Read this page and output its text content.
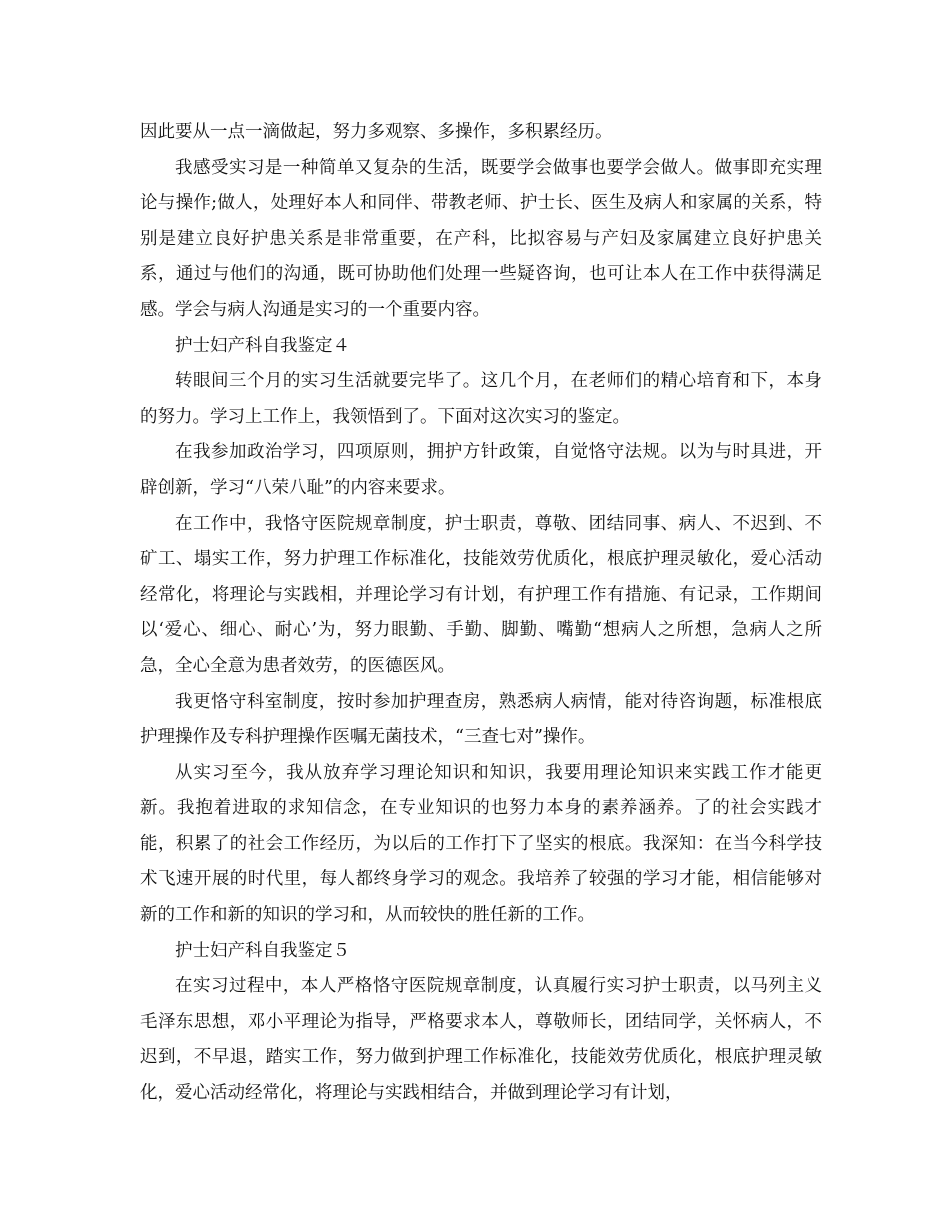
因此要从一点一滴做起，努力多观察、多操作，多积累经历。

我感受实习是一种简单又复杂的生活，既要学会做事也要学会做人。做事即充实理论与操作;做人，处理好本人和同伴、带教老师、护士长、医生及病人和家属的关系，特别是建立良好护患关系是非常重要，在产科，比拟容易与产妇及家属建立良好护患关系，通过与他们的沟通，既可协助他们处理一些疑咨询，也可让本人在工作中获得满足感。学会与病人沟通是实习的一个重要内容。

护士妇产科自我鉴定４

转眼间三个月的实习生活就要完毕了。这几个月，在老师们的精心培育和下，本身的努力。学习上工作上，我领悟到了。下面对这次实习的鉴定。

在我参加政治学习，四项原则，拥护方针政策，自觉恪守法规。以为与时具进，开辟创新，学习“八荣八耻”的内容来要求。

在工作中，我恪守医院规章制度，护士职责，尊敬、团结同事、病人、不迟到、不矿工、塌实工作，努力护理工作标准化，技能效劳优质化，根底护理灵敏化，爱心活动经常化，将理论与实践相，并理论学习有计划，有护理工作有措施、有记录，工作期间以‘爱心、细心、耐心’为，努力眼勤、手勤、脚勤、嘴勤“想病人之所想，急病人之所急，全心全意为患者效劳，的医德医风。

我更恪守科室制度，按时参加护理查房，熟悉病人病情，能对待咨询题，标准根底护理操作及专科护理操作医嘱无菌技术，“三查七对”操作。

从实习至今，我从放弃学习理论知识和知识，我要用理论知识来实践工作才能更新。我抱着进取的求知信念，在专业知识的也努力本身的素养涵养。了的社会实践才能，积累了的社会工作经历，为以后的工作打下了坚实的根底。我深知：在当今科学技术飞速开展的时代里，每人都终身学习的观念。我培养了较强的学习才能，相信能够对新的工作和新的知识的学习和，从而较快的胜任新的工作。

护士妇产科自我鉴定５

在实习过程中，本人严格恪守医院规章制度，认真履行实习护士职责，以马列主义毛泽东思想，邓小平理论为指导，严格要求本人，尊敬师长，团结同学，关怀病人，不迟到，不早退，踏实工作，努力做到护理工作标准化，技能效劳优质化，根底护理灵敏化，爱心活动经常化，将理论与实践相结合，并做到理论学习有计划，
